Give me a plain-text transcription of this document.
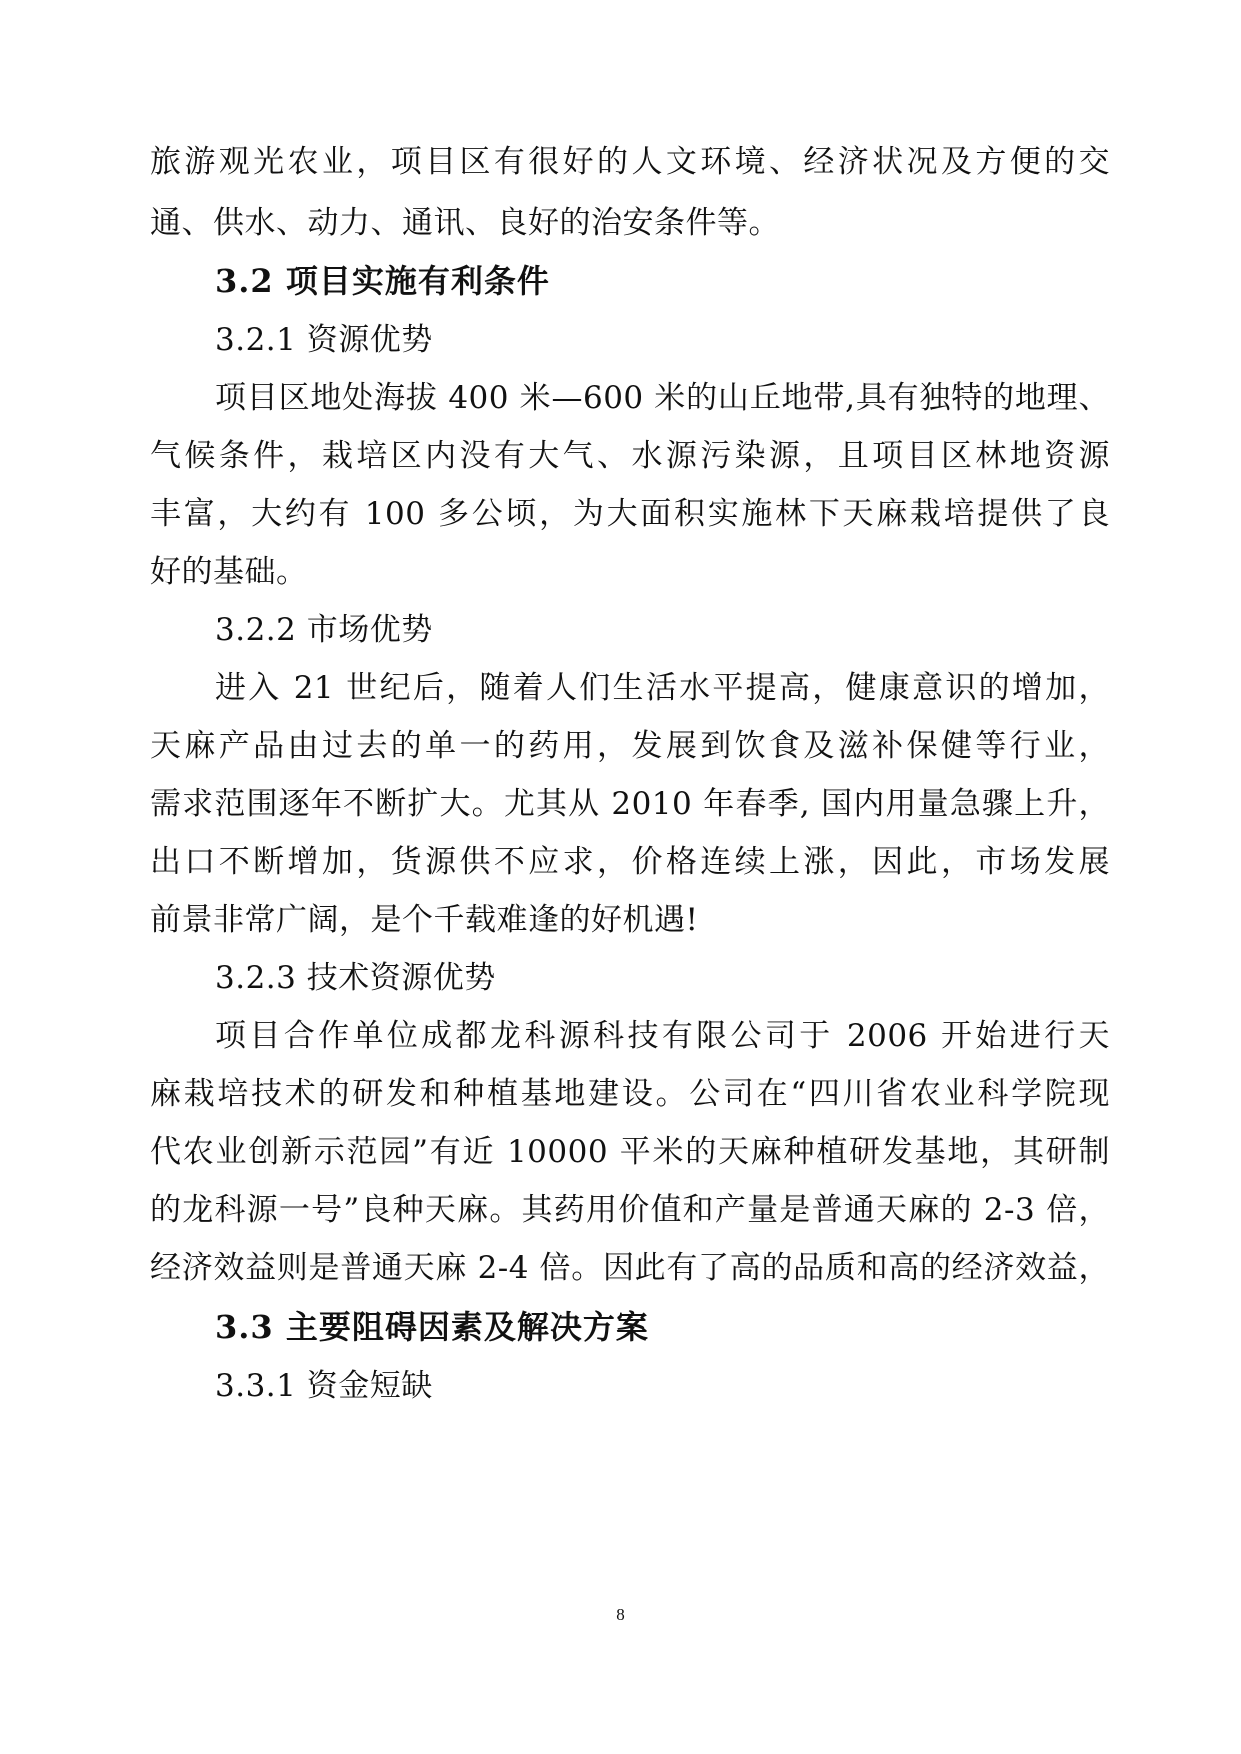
旅游观光农业，项目区有很好的人文环境、经济状况及方便的交
通、供水、动力、通讯、良好的治安条件等。
3.2 项目实施有利条件
3.2.1 资源优势
项目区地处海拔 400 米—600 米的山丘地带,具有独特的地理、
气候条件，栽培区内没有大气、水源污染源，且项目区林地资源
丰富，大约有 100 多公顷，为大面积实施林下天麻栽培提供了良
好的基础。
3.2.2 市场优势
进入 21 世纪后，随着人们生活水平提高，健康意识的增加，
天麻产品由过去的单一的药用，发展到饮食及滋补保健等行业，
需求范围逐年不断扩大。尤其从 2010 年春季, 国内用量急骤上升，
出口不断增加，货源供不应求，价格连续上涨，因此，市场发展
前景非常广阔，是个千载难逢的好机遇!
3.2.3 技术资源优势
项目合作单位成都龙科源科技有限公司于 2006 开始进行天
麻栽培技术的研发和种植基地建设。公司在“四川省农业科学院现
代农业创新示范园”有近 10000 平米的天麻种植研发基地，其研制
的龙科源一号”良种天麻。其药用价值和产量是普通天麻的 2-3 倍，
经济效益则是普通天麻 2-4 倍。因此有了高的品质和高的经济效益，
3.3 主要阻碍因素及解决方案
3.3.1 资金短缺
8
